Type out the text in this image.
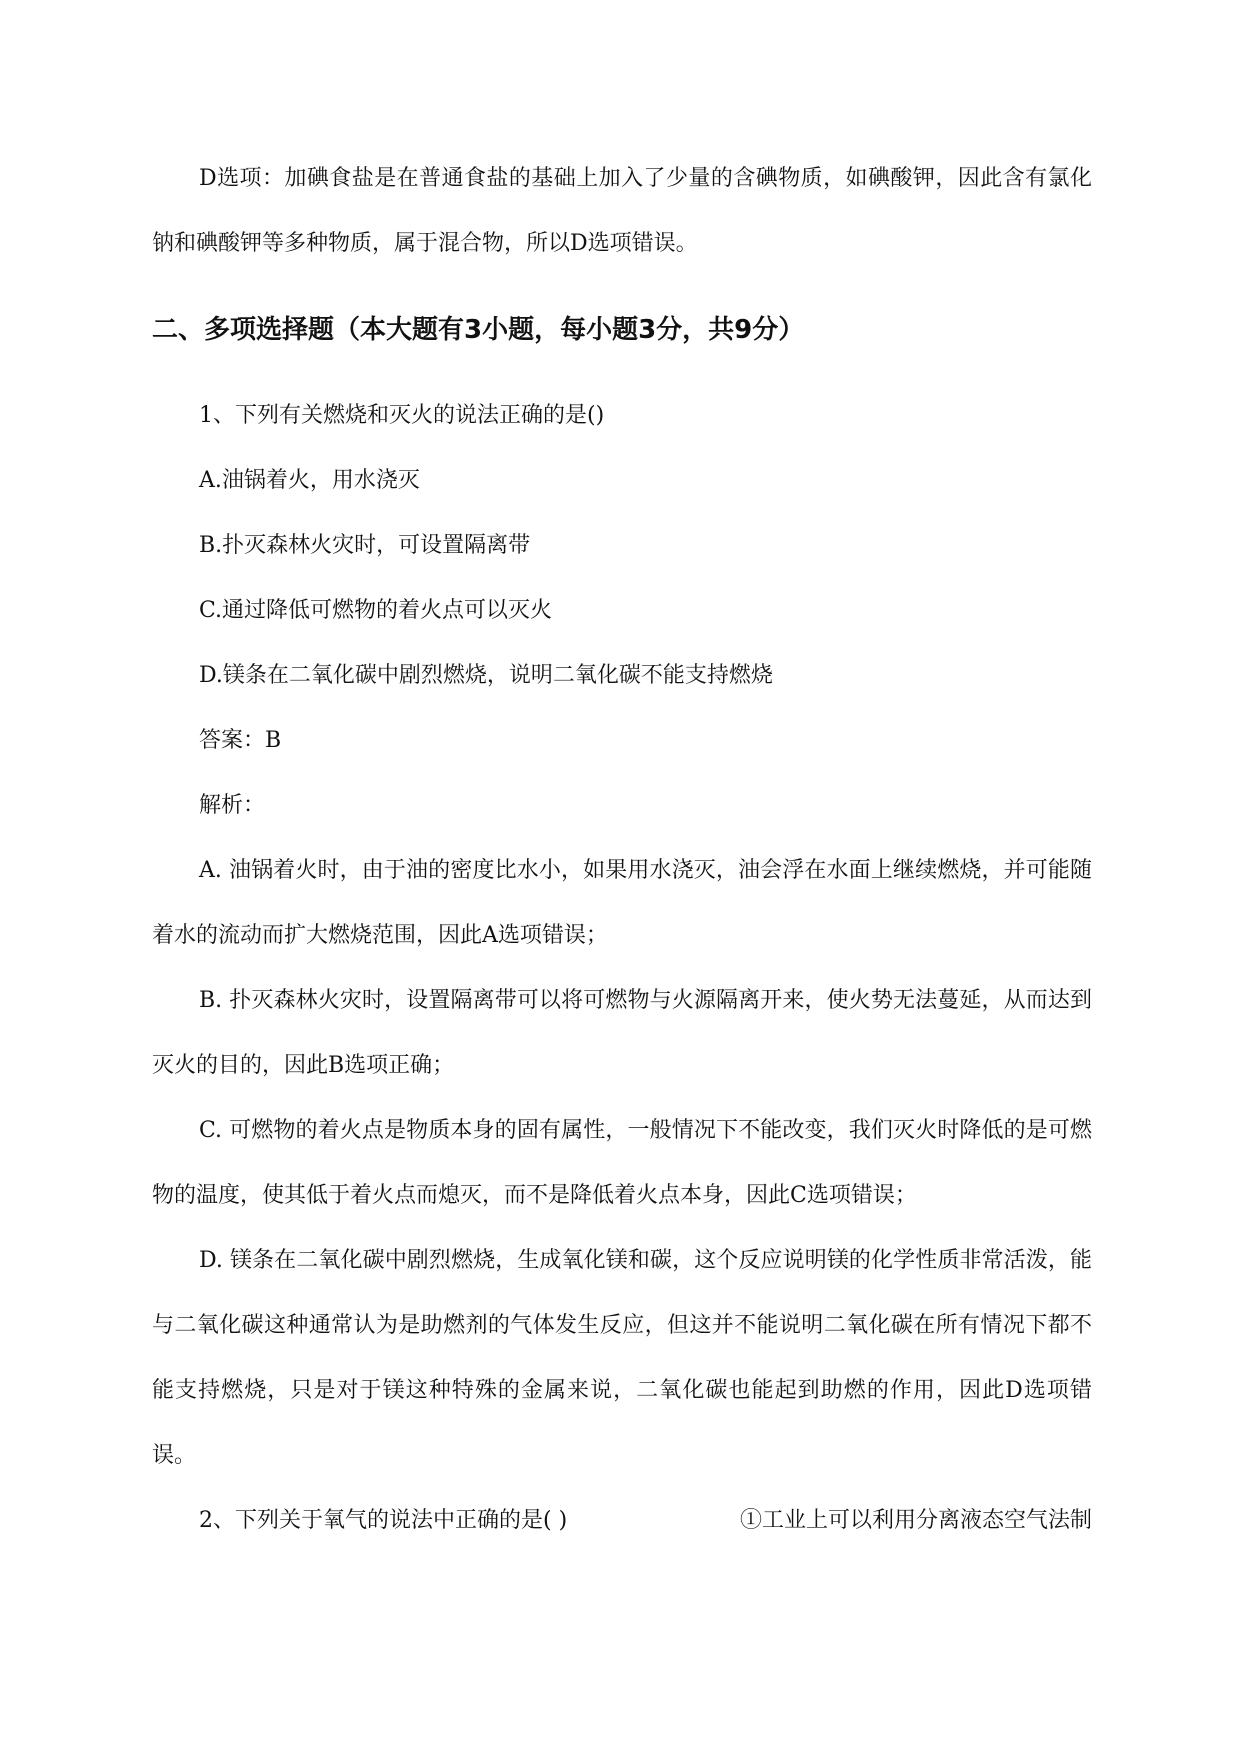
D选项：加碘食盐是在普通食盐的基础上加入了少量的含碘物质，如碘酸钾，因此含有氯化钠和碘酸钾等多种物质，属于混合物，所以D选项错误。

二、多项选择题（本大题有3小题，每小题3分，共9分）

1、下列有关燃烧和灭火的说法正确的是()

A.油锅着火，用水浇灭

B.扑灭森林火灾时，可设置隔离带

C.通过降低可燃物的着火点可以灭火

D.镁条在二氧化碳中剧烈燃烧，说明二氧化碳不能支持燃烧

答案：B

解析：

A. 油锅着火时，由于油的密度比水小，如果用水浇灭，油会浮在水面上继续燃烧，并可能随着水的流动而扩大燃烧范围，因此A选项错误；

B. 扑灭森林火灾时，设置隔离带可以将可燃物与火源隔离开来，使火势无法蔓延，从而达到灭火的目的，因此B选项正确；

C. 可燃物的着火点是物质本身的固有属性，一般情况下不能改变，我们灭火时降低的是可燃物的温度，使其低于着火点而熄灭，而不是降低着火点本身，因此C选项错误；

D. 镁条在二氧化碳中剧烈燃烧，生成氧化镁和碳，这个反应说明镁的化学性质非常活泼，能与二氧化碳这种通常认为是助燃剂的气体发生反应，但这并不能说明二氧化碳在所有情况下都不能支持燃烧，只是对于镁这种特殊的金属来说，二氧化碳也能起到助燃的作用，因此D选项错误。

2、下列关于氧气的说法中正确的是( )	①工业上可以利用分离液态空气法制
